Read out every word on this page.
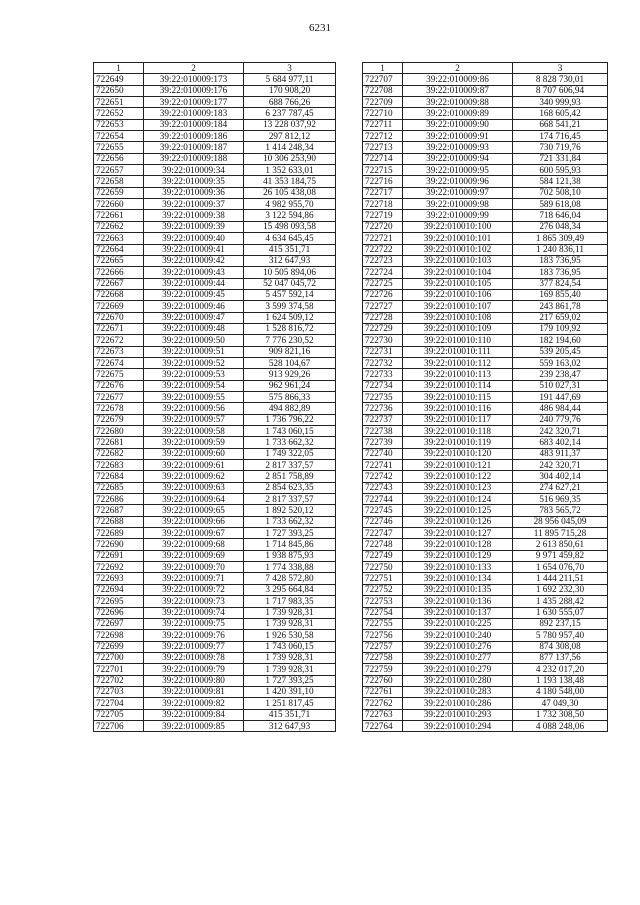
6231
1	2	3
722649	39:22:010009:173	5 684 977,11
722650	39:22:010009:176	170 908,20
722651	39:22:010009:177	688 766,26
722652	39:22:010009:183	6 237 787,45
722653	39:22:010009:184	13 228 037,92
722654	39:22:010009:186	297 812,12
722655	39:22:010009:187	1 414 248,34
722656	39:22:010009:188	10 306 253,90
722657	39:22:010009:34	1 352 633,01
722658	39:22:010009:35	41 353 184,75
722659	39:22:010009:36	26 105 438,08
722660	39:22:010009:37	4 982 955,70
722661	39:22:010009:38	3 122 594,86
722662	39:22:010009:39	15 498 093,58
722663	39:22:010009:40	4 634 645,45
722664	39:22:010009:41	415 351,71
722665	39:22:010009:42	312 647,93
722666	39:22:010009:43	10 505 894,06
722667	39:22:010009:44	52 047 045,72
722668	39:22:010009:45	5 457 592,14
722669	39:22:010009:46	3 599 374,58
722670	39:22:010009:47	1 624 509,12
722671	39:22:010009:48	1 528 816,72
722672	39:22:010009:50	7 776 230,52
722673	39:22:010009:51	909 821,16
722674	39:22:010009:52	528 104,67
722675	39:22:010009:53	913 929,26
722676	39:22:010009:54	962 961,24
722677	39:22:010009:55	575 866,33
722678	39:22:010009:56	494 882,89
722679	39:22:010009:57	1 736 796,22
722680	39:22:010009:58	1 743 060,15
722681	39:22:010009:59	1 733 662,32
722682	39:22:010009:60	1 749 322,05
722683	39:22:010009:61	2 817 337,57
722684	39:22:010009:62	2 851 758,89
722685	39:22:010009:63	2 854 623,35
722686	39:22:010009:64	2 817 337,57
722687	39:22:010009:65	1 892 520,12
722688	39:22:010009:66	1 733 662,32
722689	39:22:010009:67	1 727 393,25
722690	39:22:010009:68	1 714 845,86
722691	39:22:010009:69	1 938 875,93
722692	39:22:010009:70	1 774 338,88
722693	39:22:010009:71	7 428 572,80
722694	39:22:010009:72	3 295 664,84
722695	39:22:010009:73	1 717 983,35
722696	39:22:010009:74	1 739 928,31
722697	39:22:010009:75	1 739 928,31
722698	39:22:010009:76	1 926 530,58
722699	39:22:010009:77	1 743 060,15
722700	39:22:010009:78	1 739 928,31
722701	39:22:010009:79	1 739 928,31
722702	39:22:010009:80	1 727 393,25
722703	39:22:010009:81	1 420 391,10
722704	39:22:010009:82	1 251 817,45
722705	39:22:010009:84	415 351,71
722706	39:22:010009:85	312 647,93
1	2	3
722707	39:22:010009:86	8 828 730,01
722708	39:22:010009:87	8 707 606,94
722709	39:22:010009:88	340 999,93
722710	39:22:010009:89	168 605,42
722711	39:22:010009:90	668 541,21
722712	39:22:010009:91	174 716,45
722713	39:22:010009:93	730 719,76
722714	39:22:010009:94	721 331,84
722715	39:22:010009:95	600 595,93
722716	39:22:010009:96	584 121,38
722717	39:22:010009:97	702 508,10
722718	39:22:010009:98	589 618,08
722719	39:22:010009:99	718 646,04
722720	39:22:010010:100	276 048,34
722721	39:22:010010:101	1 865 309,49
722722	39:22:010010:102	1 240 836,11
722723	39:22:010010:103	183 736,95
722724	39:22:010010:104	183 736,95
722725	39:22:010010:105	377 824,54
722726	39:22:010010:106	169 855,40
722727	39:22:010010:107	243 861,78
722728	39:22:010010:108	217 659,02
722729	39:22:010010:109	179 109,92
722730	39:22:010010:110	182 194,60
722731	39:22:010010:111	539 205,45
722732	39:22:010010:112	559 163,02
722733	39:22:010010:113	239 238,47
722734	39:22:010010:114	510 027,31
722735	39:22:010010:115	191 447,69
722736	39:22:010010:116	486 984,44
722737	39:22:010010:117	240 779,76
722738	39:22:010010:118	242 320,71
722739	39:22:010010:119	683 402,14
722740	39:22:010010:120	483 911,37
722741	39:22:010010:121	242 320,71
722742	39:22:010010:122	304 402,14
722743	39:22:010010:123	274 627,21
722744	39:22:010010:124	516 969,35
722745	39:22:010010:125	783 565,72
722746	39:22:010010:126	28 956 045,09
722747	39:22:010010:127	11 895 715,28
722748	39:22:010010:128	2 613 850,61
722749	39:22:010010:129	9 971 459,82
722750	39:22:010010:133	1 654 076,70
722751	39:22:010010:134	1 444 211,51
722752	39:22:010010:135	1 692 232,30
722753	39:22:010010:136	1 435 288,42
722754	39:22:010010:137	1 630 555,07
722755	39:22:010010:225	892 237,15
722756	39:22:010010:240	5 780 957,40
722757	39:22:010010:276	874 308,08
722758	39:22:010010:277	877 137,56
722759	39:22:010010:279	4 232 017,20
722760	39:22:010010:280	1 193 138,48
722761	39:22:010010:283	4 180 548,00
722762	39:22:010010:286	47 049,30
722763	39:22:010010:293	1 732 308,50
722764	39:22:010010:294	4 088 248,06
